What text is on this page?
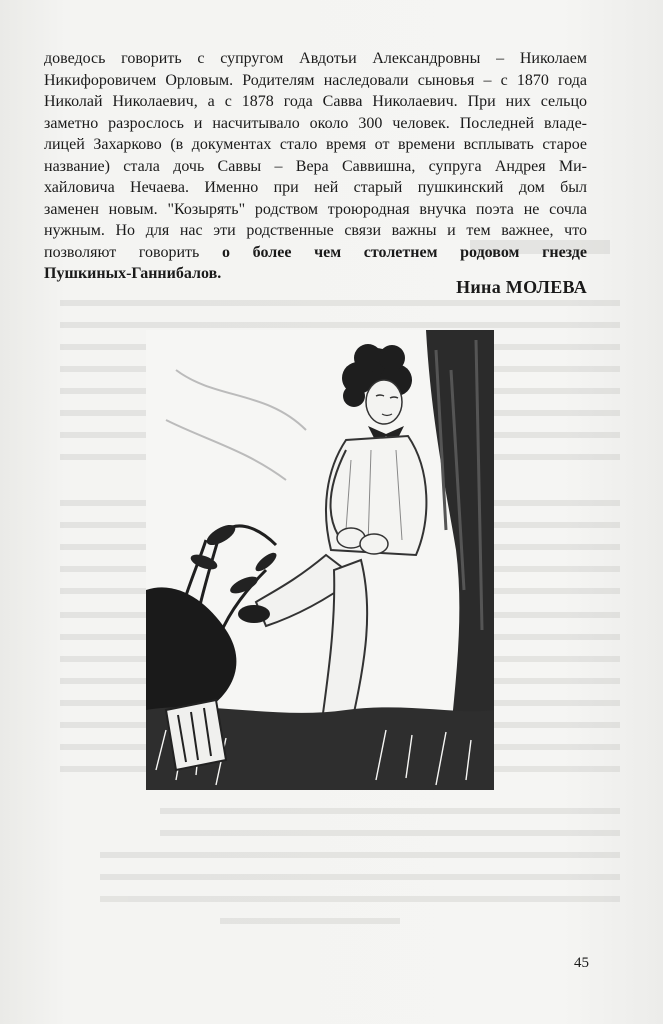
доведось говорить с супругом Авдотьи Александровны – Николаем
Никифоровичем Орловым. Родителям наследовали сыновья – с 1870 года
Николай Николаевич, а с 1878 года Савва Николаевич. При них сельцо
заметно разрослось и насчитывало около 300 человек. Последней владе-
лицей Захарково (в документах стало время от времени всплывать старое
название) стала дочь Саввы – Вера Саввишна, супруга Андрея Ми-
хайловича Нечаева. Именно при ней старый пушкинский дом был
заменен новым. "Козырять" родством троюродная внучка поэта не сочла
нужным. Но для нас эти родственные связи важны и тем важнее, что
позволяют говорить о более чем столетнем родовом гнезде
Пушкиных-Ганнибалов.
Нина МОЛЕВА
45
